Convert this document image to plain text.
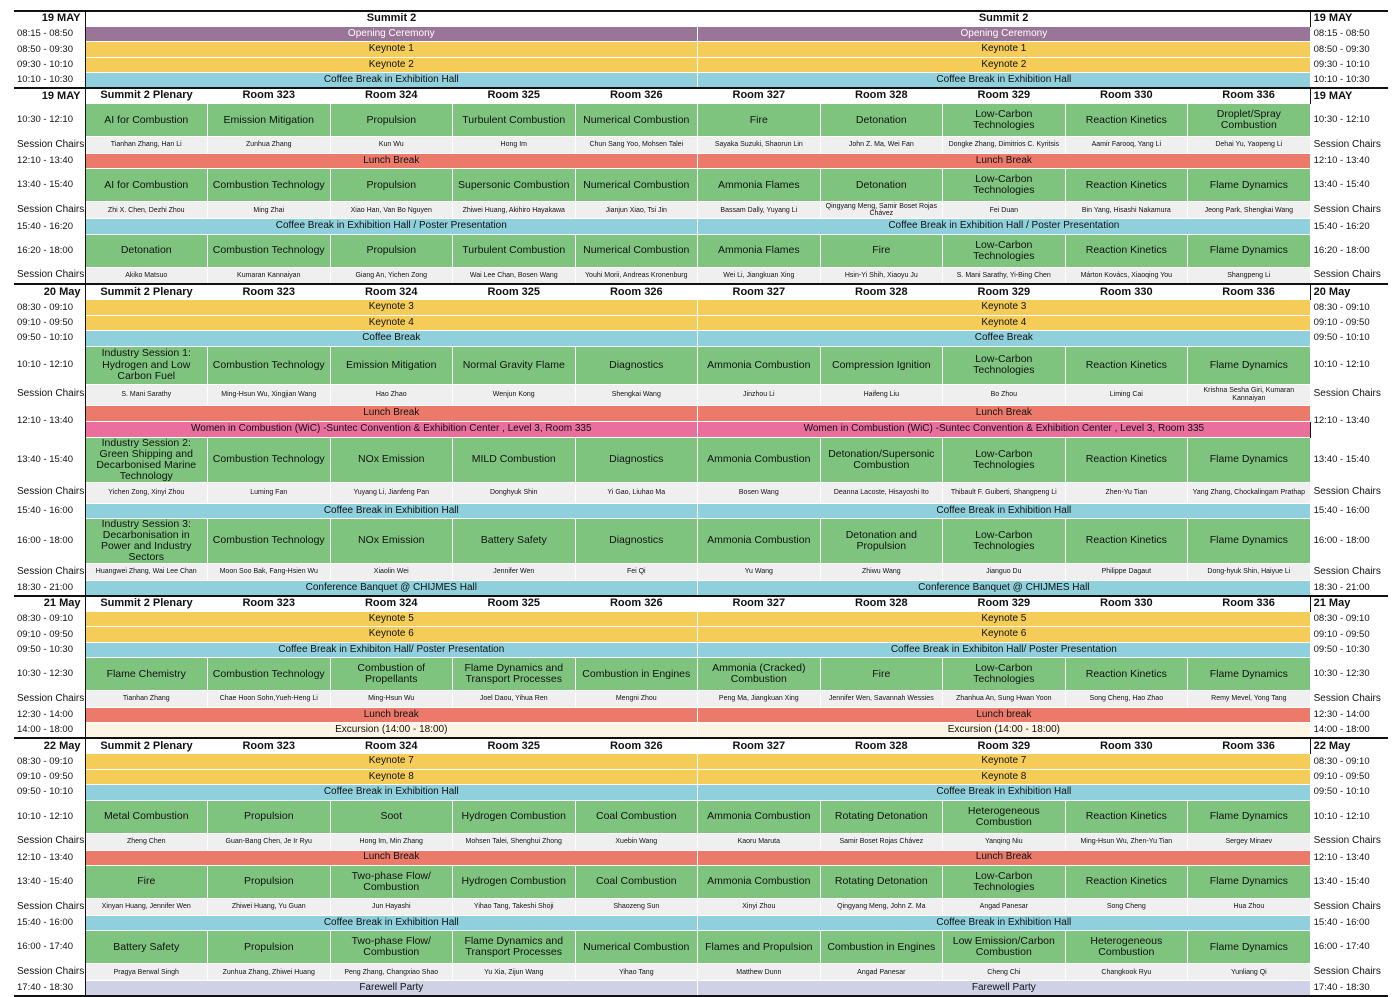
19 MAY	Summit 2					Summit 2					19 MAY
08:15 - 08:50	Opening Ceremony					Opening Ceremony					08:15 - 08:50
08:50 - 09:30	Keynote 1					Keynote 1					08:50 - 09:30
09:30 - 10:10	Keynote 2					Keynote 2					09:30 - 10:10
10:10 - 10:30	Coffee Break in Exhibition Hall					Coffee Break in Exhibition Hall					10:10 - 10:30
19 MAY	Summit 2 Plenary	Room 323	Room 324	Room 325	Room 326	Room 327	Room 328	Room 329	Room 330	Room 336	19 MAY
10:30 - 12:10	AI for Combustion	Emission Mitigation	Propulsion	Turbulent Combustion	Numerical Combustion	Fire	Detonation	Low-Carbon Technologies	Reaction Kinetics	Droplet/Spray Combustion	10:30 - 12:10
Session Chairs	Tianhan Zhang, Han Li	Zunhua Zhang	Kun Wu	Hong Im	Chun Sang Yoo, Mohsen Talei	Sayaka Suzuki, Shaorun Lin	John Z. Ma, Wei Fan	Dongke Zhang, Dimitrios C. Kyritsis	Aamir Farooq, Yang Li	Dehai Yu, Yaopeng Li	Session Chairs
12:10 - 13:40	Lunch Break					Lunch Break					12:10 - 13:40
13:40 - 15:40	AI for Combustion	Combustion Technology	Propulsion	Supersonic Combustion	Numerical Combustion	Ammonia Flames	Detonation	Low-Carbon Technologies	Reaction Kinetics	Flame Dynamics	13:40 - 15:40
Session Chairs	Zhi X. Chen, Dezhi Zhou	Ming Zhai	Xiao Han, Van Bo Nguyen	Zhiwei Huang, Akihiro Hayakawa	Jianjun Xiao, Tsi Jin	Bassam Dally, Yuyang Li	Qingyang Meng, Samir Boset Rojas Chávez	Fei Duan	Bin Yang, Hisashi Nakamura	Jeong Park, Shengkai Wang	Session Chairs
15:40 - 16:20	Coffee Break in Exhibition Hall / Poster Presentation					Coffee Break in Exhibition Hall / Poster Presentation					15:40 - 16:20
16:20 - 18:00	Detonation	Combustion Technology	Propulsion	Turbulent Combustion	Numerical Combustion	Ammonia Flames	Fire	Low-Carbon Technologies	Reaction Kinetics	Flame Dynamics	16:20 - 18:00
Session Chairs	Akiko Matsuo	Kumaran Kannaiyan	Giang An, Yichen Zong	Wai Lee Chan, Bosen Wang	Youhi Morii, Andreas Kronenburg	Wei Li, Jiangkuan Xing	Hsin-Yi Shih, Xiaoyu Ju	S. Mani Sarathy, Yi-Bing Chen	Márton Kovács, Xiaoqing You	Shangpeng Li	Session Chairs
20 May	Summit 2 Plenary	Room 323	Room 324	Room 325	Room 326	Room 327	Room 328	Room 329	Room 330	Room 336	20 May
08:30 - 09:10	Keynote 3					Keynote 3					08:30 - 09:10
09:10 - 09:50	Keynote 4					Keynote 4					09:10 - 09:50
09:50 - 10:10	Coffee Break					Coffee Break					09:50 - 10:10
10:10 - 12:10	Industry Session 1: Hydrogen and Low Carbon Fuel	Combustion Technology	Emission Mitigation	Normal Gravity Flame	Diagnostics	Ammonia Combustion	Compression Ignition	Low-Carbon Technologies	Reaction Kinetics	Flame Dynamics	10:10 - 12:10
Session Chairs	S. Mani Sarathy	Ming-Hsun Wu, Xingjian Wang	Hao Zhao	Wenjun Kong	Shengkai Wang	Jinzhou Li	Haifeng Liu	Bo Zhou	Liming Cai	Krishna Sesha Giri, Kumaran Kannaiyan	Session Chairs
12:10 - 13:40	Lunch Break					Lunch Break					12:10 - 13:40
	Women in Combustion (WiC) -Suntec Convention & Exhibition Center , Level 3, Room 335					Women in Combustion (WiC) -Suntec Convention & Exhibition Center , Level 3, Room 335					
13:40 - 15:40	Industry Session 2: Green Shipping and Decarbonised Marine Technology	Combustion Technology	NOx Emission	MILD Combustion	Diagnostics	Ammonia Combustion	Detonation/Supersonic Combustion	Low-Carbon Technologies	Reaction Kinetics	Flame Dynamics	13:40 - 15:40
Session Chairs	Yichen Zong, Xinyi Zhou	Luming Fan	Yuyang Li, Jianfeng Pan	Donghyuk Shin	Yi Gao, Liuhao Ma	Bosen Wang	Deanna Lacoste, Hisayoshi Ito	Thibault F. Guiberti, Shangpeng Li	Zhen-Yu Tian	Yang Zhang, Chockalingam Prathap	Session Chairs
15:40 - 16:00	Coffee Break in Exhibition Hall					Coffee Break in Exhibition Hall					15:40 - 16:00
16:00 - 18:00	Industry Session 3: Decarbonisation in Power and Industry Sectors	Combustion Technology	NOx Emission	Battery Safety	Diagnostics	Ammonia Combustion	Detonation and Propulsion	Low-Carbon Technologies	Reaction Kinetics	Flame Dynamics	16:00 - 18:00
Session Chairs	Huangwei Zhang, Wai Lee Chan	Moon Soo Bak, Fang-Hsien Wu	Xiaolin Wei	Jennifer Wen	Fei Qi	Yu Wang	Zhiwu Wang	Jianguo Du	Philippe Dagaut	Dong-hyuk Shin, Haiyue Li	Session Chairs
18:30 - 21:00	Conference Banquet @ CHIJMES Hall					Conference Banquet @ CHIJMES Hall					18:30 - 21:00
21 May	Summit 2 Plenary	Room 323	Room 324	Room 325	Room 326	Room 327	Room 328	Room 329	Room 330	Room 336	21 May
08:30 - 09:10	Keynote 5					Keynote 5					08:30 - 09:10
09:10 - 09:50	Keynote 6					Keynote 6					09:10 - 09:50
09:50 - 10:30	Coffee Break in Exhibiton Hall/ Poster Presentation					Coffee Break in Exhibiton Hall/ Poster Presentation					09:50 - 10:30
10:30 - 12:30	Flame Chemistry	Combustion Technology	Combustion of Propellants	Flame Dynamics and Transport Processes	Combustion in Engines	Ammonia (Cracked) Combustion	Fire	Low-Carbon Technologies	Reaction Kinetics	Flame Dynamics	10:30 - 12:30
Session Chairs	Tianhan Zhang	Chae Hoon Sohn,Yueh-Heng Li	Ming-Hsun Wu	Joel Daou, Yihua Ren	Mengni Zhou	Peng Ma, Jiangkuan Xing	Jennifer Wen, Savannah Wessies	Zhanhua An, Sung Hwan Yoon	Song Cheng, Hao Zhao	Remy Mevel, Yong Tang	Session Chairs
12:30 - 14:00	Lunch break					Lunch break					12:30 - 14:00
14:00 - 18:00	Excursion (14:00 - 18:00)					Excursion (14:00 - 18:00)					14:00 - 18:00
22 May	Summit 2 Plenary	Room 323	Room 324	Room 325	Room 326	Room 327	Room 328	Room 329	Room 330	Room 336	22 May
08:30 - 09:10	Keynote 7					Keynote 7					08:30 - 09:10
09:10 - 09:50	Keynote 8					Keynote 8					09:10 - 09:50
09:50 - 10:10	Coffee Break in Exhibition Hall					Coffee Break in Exhibition Hall					09:50 - 10:10
10:10 - 12:10	Metal Combustion	Propulsion	Soot	Hydrogen Combustion	Coal Combustion	Ammonia Combustion	Rotating Detonation	Heterogeneous Combustion	Reaction Kinetics	Flame Dynamics	10:10 - 12:10
Session Chairs	Zheng Chen	Guan-Bang Chen, Je Ir Ryu	Hong Im, Min Zhang	Mohsen Talei, Shenghui Zhong	Xuebin Wang	Kaoru Maruta	Samir Boset Rojas Chávez	Yanqing Niu	Ming-Hsun Wu, Zhen-Yu Tian	Sergey Minaev	Session Chairs
12:10 - 13:40	Lunch Break					Lunch Break					12:10 - 13:40
13:40 - 15:40	Fire	Propulsion	Two-phase Flow/ Combustion	Hydrogen Combustion	Coal Combustion	Ammonia Combustion	Rotating Detonation	Low-Carbon Technologies	Reaction Kinetics	Flame Dynamics	13:40 - 15:40
Session Chairs	Xinyan Huang, Jennifer Wen	Zhiwei Huang, Yu Guan	Jun Hayashi	Yihao Tang, Takeshi Shoji	Shaozeng Sun	Xinyi Zhou	Qingyang Meng, John Z. Ma	Angad Panesar	Song Cheng	Hua Zhou	Session Chairs
15:40 - 16:00	Coffee Break in Exhibition Hall					Coffee Break in Exhibition Hall					15:40 - 16:00
16:00 - 17:40	Battery Safety	Propulsion	Two-phase Flow/ Combustion	Flame Dynamics and Transport Processes	Numerical Combustion	Flames and Propulsion	Combustion in Engines	Low Emission/Carbon Combustion	Heterogeneous Combustion	Flame Dynamics	16:00 - 17:40
Session Chairs	Pragya Berwal Singh	Zunhua Zhang, Zhiwei Huang	Peng Zhang, Changxiao Shao	Yu Xia, Zijun Wang	Yihao Tang	Matthew Dunn	Angad Panesar	Cheng Chi	Changkook Ryu	Yunliang Qi	Session Chairs
17:40 - 18:30	Farewell Party					Farewell Party					17:40 - 18:30
